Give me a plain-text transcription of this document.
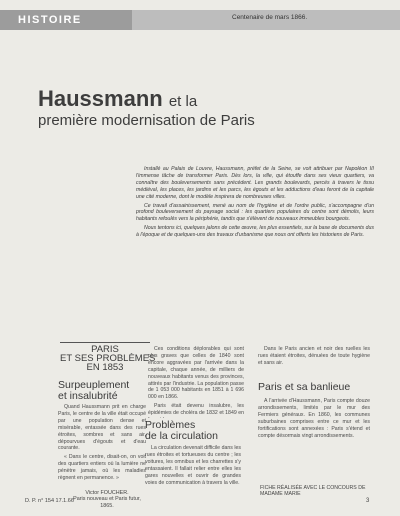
HISTOIRE	Centenaire de mars 1866.
Haussmann et la
première modernisation de Paris

Installé au Palais de Louvre, Haussmann, préfet de la Seine, se voit attribuer par Napoléon III l'immense tâche de transformer Paris. Dès lors, la ville, qui étouffe dans ses vieux quartiers, va connaître des bouleversements sans précédent. Les grands boulevards, percés à travers le tissu médiéval, les places, les jardins et les parcs, les égouts et les adductions d'eau feront de la capitale une cité moderne, dont le modèle inspirera de nombreuses villes.

Ce travail d'assainissement, mené au nom de l'hygiène et de l'ordre public, s'accompagne d'un profond bouleversement du paysage social : les quartiers populaires du centre sont démolis, leurs habitants refoulés vers la périphérie, tandis que s'élèvent de nouveaux immeubles bourgeois.

Nous tentons ici, quelques jalons de cette œuvre, les plus essentiels, sur la base de documents dus à l'époque et de quelques-uns des travaux d'urbanisme que nous ont offerts les historiens de Paris.

PARIS
ET SES PROBLÈMES
EN 1853
Surpeuplement
et insalubrité

Quand Haussmann prit en charge Paris, le centre de la ville était occupé par une population dense et misérable, entassée dans des rues étroites, sombres et sans air, dépourvues d'égouts et d'eau courante.

« Dans le centre, disait-on, on voit des quartiers entiers où la lumière ne pénètre jamais, où les maladies règnent en permanence. »

Victor FOUCHER.
Paris nouveau et Paris futur,
1865.

Ces conditions déplorables qui sont plus graves que celles de 1840 sont encore aggravées par l'arrivée dans la capitale, chaque année, de milliers de nouveaux habitants venus des provinces, attirés par l'industrie. La population passe de 1 053 000 habitants en 1851 à 1 696 000 en 1866.

Paris était devenu insalubre, les épidémies de choléra de 1832 et 1849 en

Problèmes
de la circulation

La circulation devenait difficile dans les rues étroites et tortueuses du centre ; les voitures, les omnibus et les charrettes s'y entassaient. Il fallait relier entre elles les gares nouvelles et ouvrir de grandes voies de communication à travers la ville.

Dans le Paris ancien et noir des ruelles les rues étaient étroites, dénuées de toute hygiène et sans air.

Paris et sa banlieue

À l'arrivée d'Haussmann, Paris compte douze arrondissements, limités par le mur des Fermiers généraux. En 1860, les communes suburbaines comprises entre ce mur et les fortifications sont annexées : Paris s'étend et compte désormais vingt arrondissements.

FICHE RÉALISÉE AVEC LE CONCOURS DE MADAME MARIE
D. P. n° 154 17.1.66	3
